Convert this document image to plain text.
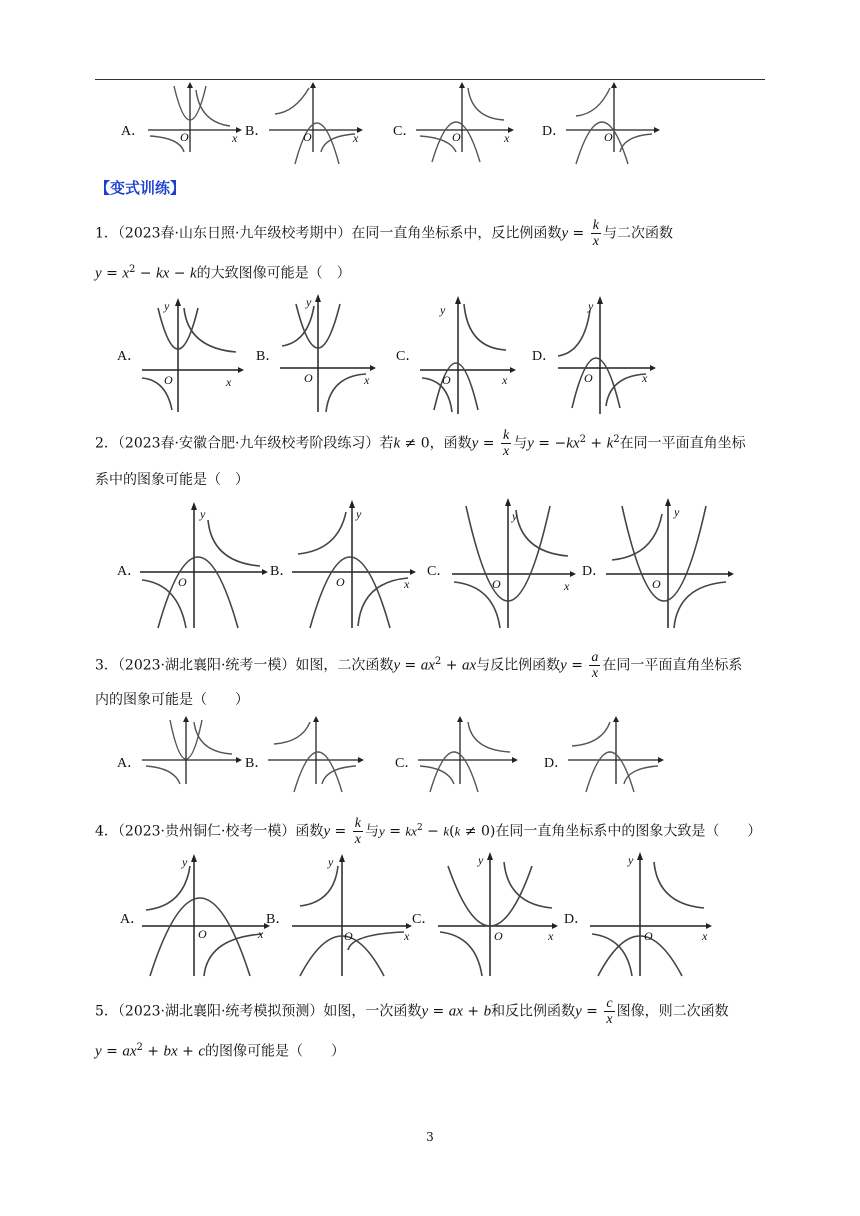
A．	O	x B．	O	x C．	O	x D．	O
【变式训练】
1．（2023春·山东日照·九年级校考期中）在同一直角坐标系中，反比例函数$y = \frac{k}{x}$ 与二次函数
$y = x^2$ − kx − k的大致图像可能是（　）
A．
O	x
y
B．
O	x
y
C．
O	x
y
D．
O	x
y
2．（2023春·安徽合肥·九年级校考阶段练习）若k ≠ 0，函数$y = \frac{k}{x}$ 与$y = -kx^2 + k^2$在同一平面直角坐标
系中的图象可能是（　）
A．
O
y
B．
O	x
y
C．
O	x
y
D．
O
y
3．（2023·湖北襄阳·统考一模）如图，二次函数$y = ax^2$ + ax与反比例函数$y = \frac{a}{x}$ 在同一平面直角坐标系
内的图象可能是（　　）
A．	B．	C．	D．
4．（2023·贵州铜仁·校考一模）函数$y = \frac{k}{x}$ 与$y = kx^2 - k(k \ne 0)$在同一直角坐标系中的图象大致是（　　）
A．
O	x
y
B．
O	x
y
C．
O	x
y
D．
O	x
y
5．（2023·湖北襄阳·统考模拟预测）如图，一次函数y = ax + b和反比例函数$y = \frac{c}{x}$ 图像，则二次函数
$y = ax^2$ + bx + c的图像可能是（　　）
3
